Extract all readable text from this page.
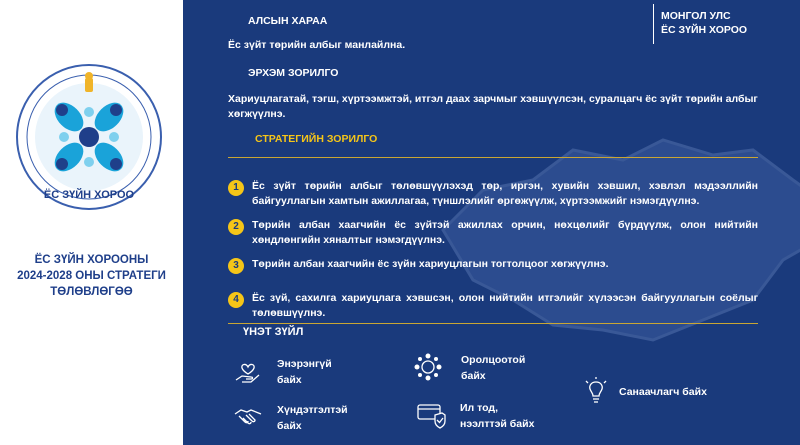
ЁС ЗҮЙН ХОРОО
ЁС ЗҮЙН ХОРООНЫ
2024-2028 ОНЫ СТРАТЕГИ
ТӨЛӨВЛӨГӨӨ
МОНГОЛ УЛС
ЁС ЗҮЙН ХОРОО
АЛСЫН ХАРАА
Ёс зүйт төрийн албыг манлайлна.
ЭРХЭМ ЗОРИЛГО
Хариуцлагатай, тэгш, хүртээмжтэй, итгэл даах зарчмыг хэвшүүлсэн, суралцагч ёс зүйт төрийн албыг хөгжүүлнэ.
СТРАТЕГИЙН ЗОРИЛГО
1	Ёс зүйт төрийн албыг төлөвшүүлэхэд төр, иргэн, хувийн хэвшил, хэвлэл мэдээллийн байгууллагын хамтын ажиллагаа, түншлэлийг өргөжүүлж, хүртээмжийг нэмэгдүүлнэ.
2	Төрийн албан хаагчийн ёс зүйтэй ажиллах орчин, нөхцөлийг бүрдүүлж, олон нийтийн хөндлөнгийн хяналтыг нэмэгдүүлнэ.
3	Төрийн албан хаагчийн ёс зүйн хариуцлагын тогтолцоог хөгжүүлнэ.
4	Ёс зүй, сахилга хариуцлага хэвшсэн, олон нийтийн итгэлийг хүлээсэн байгууллагын соёлыг төлөвшүүлнэ.
ҮНЭТ ЗҮЙЛ
Энэрэнгүй
байх
Оролцоотой
байх
Санаачлагч байх
Хүндэтгэлтэй
байх
Ил тод,
нээлттэй байх
